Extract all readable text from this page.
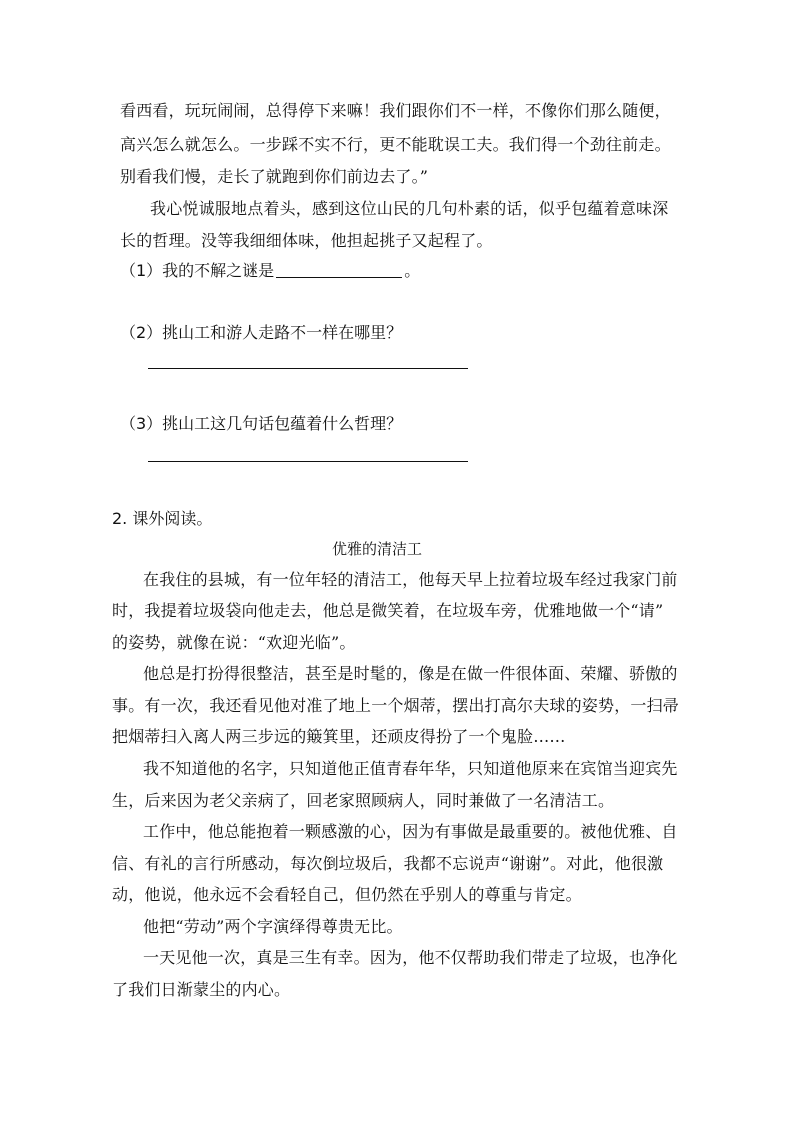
看西看，玩玩闹闹，总得停下来嘛！我们跟你们不一样，不像你们那么随便，
高兴怎么就怎么。一步踩不实不行，更不能耽误工夫。我们得一个劲往前走。
别看我们慢，走长了就跑到你们前边去了。”
我心悦诚服地点着头，感到这位山民的几句朴素的话，似乎包蕴着意味深
长的哲理。没等我细细体味，他担起挑子又起程了。
（1）我的不解之谜是	。
（2）挑山工和游人走路不一样在哪里？
（3）挑山工这几句话包蕴着什么哲理？
2. 课外阅读。
优雅的清洁工
在我住的县城，有一位年轻的清洁工，他每天早上拉着垃圾车经过我家门前
时，我提着垃圾袋向他走去，他总是微笑着，在垃圾车旁，优雅地做一个“请”
的姿势，就像在说：“欢迎光临”。
他总是打扮得很整洁，甚至是时髦的，像是在做一件很体面、荣耀、骄傲的
事。有一次，我还看见他对准了地上一个烟蒂，摆出打高尔夫球的姿势，一扫帚
把烟蒂扫入离人两三步远的簸箕里，还顽皮得扮了一个鬼脸……
我不知道他的名字，只知道他正值青春年华，只知道他原来在宾馆当迎宾先
生，后来因为老父亲病了，回老家照顾病人，同时兼做了一名清洁工。
工作中，他总能抱着一颗感激的心，因为有事做是最重要的。被他优雅、自
信、有礼的言行所感动，每次倒垃圾后，我都不忘说声“谢谢”。对此，他很激
动，他说，他永远不会看轻自己，但仍然在乎别人的尊重与肯定。
他把“劳动”两个字演绎得尊贵无比。
一天见他一次，真是三生有幸。因为，他不仅帮助我们带走了垃圾，也净化
了我们日渐蒙尘的内心。
